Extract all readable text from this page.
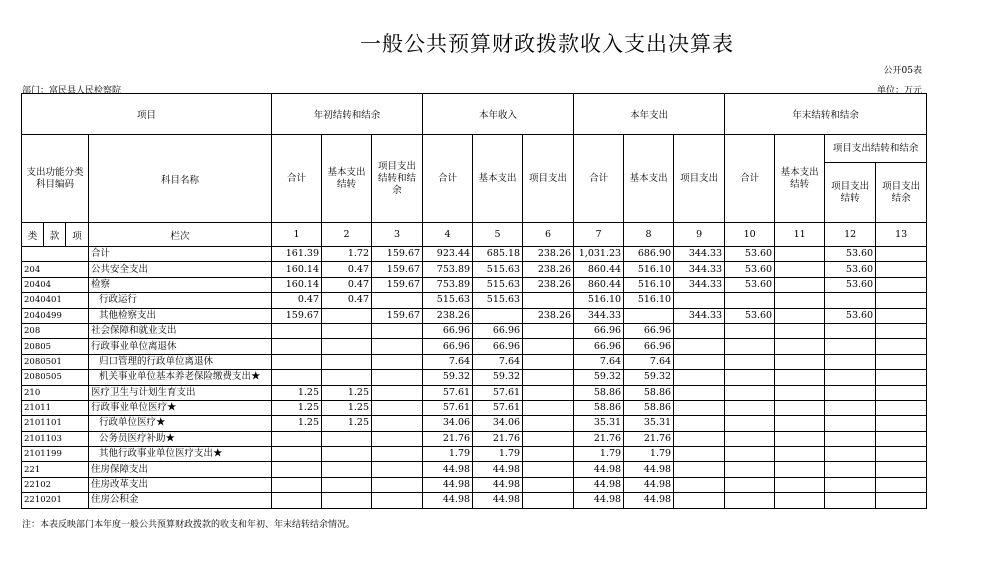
一般公共预算财政拨款收入支出决算表
公开05表
部门：富民县人民检察院	单位：万元
项目				年初结转和结余			本年收入			本年支出			年末结转和结余			
支出功能分类科目编码			科目名称	合计	基本支出结转	项目支出结转和结余	合计	基本支出	项目支出	合计	基本支出	项目支出	合计	基本支出结转	项目支出结转和结余	
															项目支出结转	项目支出结余
类	款	项	栏次	1	2	3	4	5	6	7	8	9	10	11	12	13
			合计	161.39	1.72	159.67	923.44	685.18	238.26	1,031.23	686.90	344.33	53.60		53.60	
204			公共安全支出	160.14	0.47	159.67	753.89	515.63	238.26	860.44	516.10	344.33	53.60		53.60	
20404			检察	160.14	0.47	159.67	753.89	515.63	238.26	860.44	516.10	344.33	53.60		53.60	
2040401			行政运行	0.47	0.47		515.63	515.63		516.10	516.10					
2040499			其他检察支出	159.67		159.67	238.26		238.26	344.33		344.33	53.60		53.60	
208			社会保障和就业支出				66.96	66.96		66.96	66.96					
20805			行政事业单位离退休				66.96	66.96		66.96	66.96					
2080501			归口管理的行政单位离退休				7.64	7.64		7.64	7.64					
2080505			机关事业单位基本养老保险缴费支出★				59.32	59.32		59.32	59.32					
210			医疗卫生与计划生育支出	1.25	1.25		57.61	57.61		58.86	58.86					
21011			行政事业单位医疗★	1.25	1.25		57.61	57.61		58.86	58.86					
2101101			行政单位医疗★	1.25	1.25		34.06	34.06		35.31	35.31					
2101103			公务员医疗补助★				21.76	21.76		21.76	21.76					
2101199			其他行政事业单位医疗支出★				1.79	1.79		1.79	1.79					
221			住房保障支出				44.98	44.98		44.98	44.98					
22102			住房改革支出				44.98	44.98		44.98	44.98					
2210201			住房公积金				44.98	44.98		44.98	44.98					
注：本表反映部门本年度一般公共预算财政拨款的收支和年初、年末结转结余情况。
